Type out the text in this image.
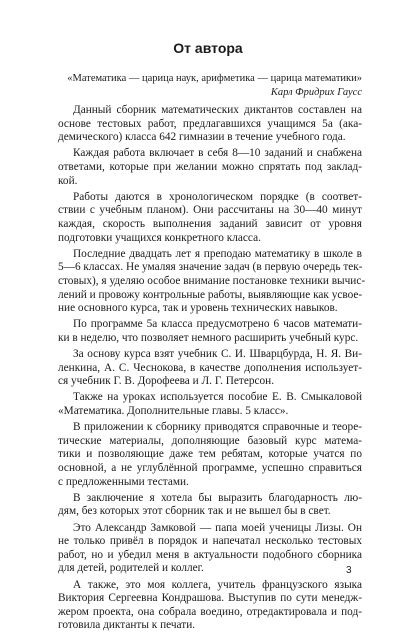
От автора
«Математика — царица наук, арифметика — царица математики»
Карл Фридрих Гаусс
Данный сборник математических диктантов составлен на
основе тестовых работ, предлагавшихся учащимся 5а (ака-
демического) класса 642 гимназии в течение учебного года.
Каждая работа включает в себя 8—10 заданий и снабжена
ответами, которые при желании можно спрятать под заклад-
кой.
Работы даются в хронологическом порядке (в соответ-
ствии с учебным планом). Они рассчитаны на 30—40 минут
каждая, скорость выполнения заданий зависит от уровня
подготовки учащихся конкретного класса.
Последние двадцать лет я преподаю математику в школе в
5—6 классах. Не умаляя значение задач (в первую очередь тек-
стовых), я уделяю особое внимание постановке техники вычис-
лений и провожу контрольные работы, выявляющие как усвое-
ние основного курса, так и уровень технических навыков.
По программе 5а класса предусмотрено 6 часов математи-
ки в неделю, что позволяет немного расширить учебный курс.
За основу курса взят учебник С. И. Шварцбурда, Н. Я. Ви-
ленкина, А. С. Чеснокова, в качестве дополнения использует-
ся учебник Г. В. Дорофеева и Л. Г. Петерсон.
Также на уроках используется пособие Е. В. Смыкаловой
«Математика. Дополнительные главы. 5 класс».
В приложении к сборнику приводятся справочные и теоре-
тические материалы, дополняющие базовый курс матема-
тики и позволяющие даже тем ребятам, которые учатся по
основной, а не углублённой программе, успешно справиться
с предложенными тестами.
В заключение я хотела бы выразить благодарность лю-
дям, без которых этот сборник так и не вышел бы в свет.
Это Александр Замковой — папа моей ученицы Лизы. Он
не только привёл в порядок и напечатал несколько тестовых
работ, но и убедил меня в актуальности подобного сборника
для детей, родителей и коллег.
А также, это моя коллега, учитель французского языка
Виктория Сергеевна Кондрашова. Выступив по сути менедж-
жером проекта, она собрала воедино, отредактировала и под-
готовила диктанты к печати.
3
